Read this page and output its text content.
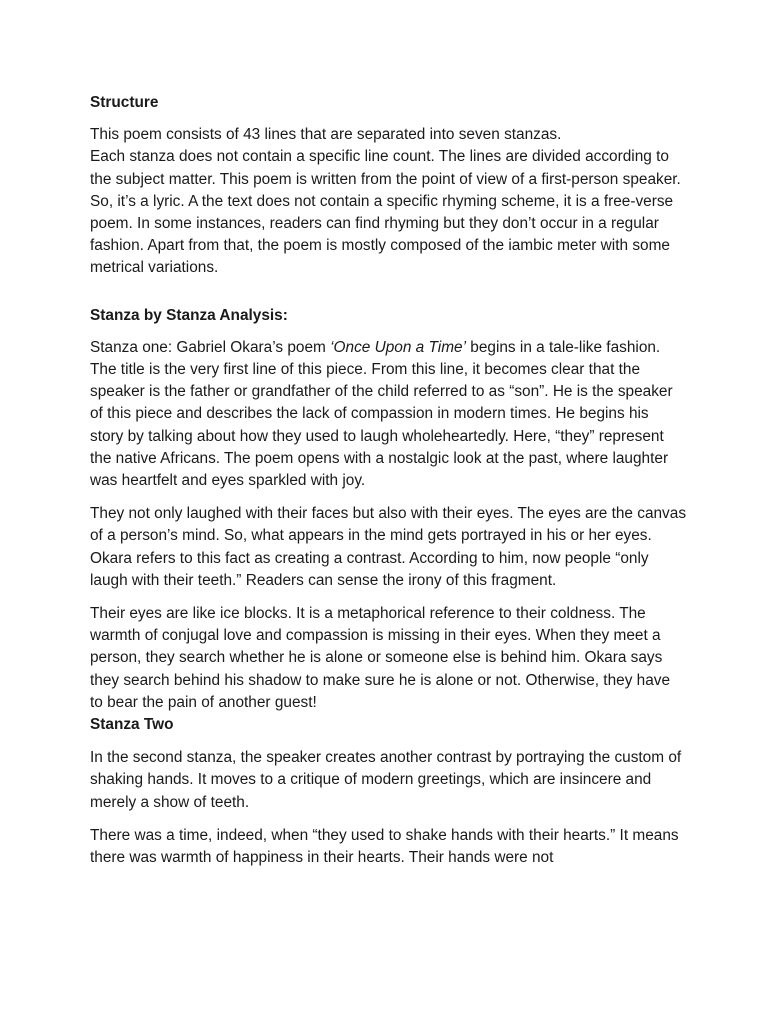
Structure

This poem consists of 43 lines that are separated into seven stanzas.
Each stanza does not contain a specific line count. The lines are divided according to the subject matter. This poem is written from the point of view of a first-person speaker. So, it’s a lyric. A the text does not contain a specific rhyming scheme, it is a free-verse poem. In some instances, readers can find rhyming but they don’t occur in a regular fashion. Apart from that, the poem is mostly composed of the iambic meter with some metrical variations.

Stanza by Stanza Analysis:

Stanza one: Gabriel Okara’s poem ‘Once Upon a Time’ begins in a tale-like fashion. The title is the very first line of this piece. From this line, it becomes clear that the speaker is the father or grandfather of the child referred to as “son”. He is the speaker of this piece and describes the lack of compassion in modern times. He begins his story by talking about how they used to laugh wholeheartedly. Here, “they” represent the native Africans. The poem opens with a nostalgic look at the past, where laughter was heartfelt and eyes sparkled with joy.

They not only laughed with their faces but also with their eyes. The eyes are the canvas of a person’s mind. So, what appears in the mind gets portrayed in his or her eyes. Okara refers to this fact as creating a contrast. According to him, now people “only laugh with their teeth.” Readers can sense the irony of this fragment.

Their eyes are like ice blocks. It is a metaphorical reference to their coldness. The warmth of conjugal love and compassion is missing in their eyes. When they meet a person, they search whether he is alone or someone else is behind him. Okara says they search behind his shadow to make sure he is alone or not. Otherwise, they have to bear the pain of another guest!

Stanza Two

In the second stanza, the speaker creates another contrast by portraying the custom of shaking hands. It moves to a critique of modern greetings, which are insincere and merely a show of teeth.

There was a time, indeed, when “they used to shake hands with their hearts.” It means there was warmth of happiness in their hearts. Their hands were not
